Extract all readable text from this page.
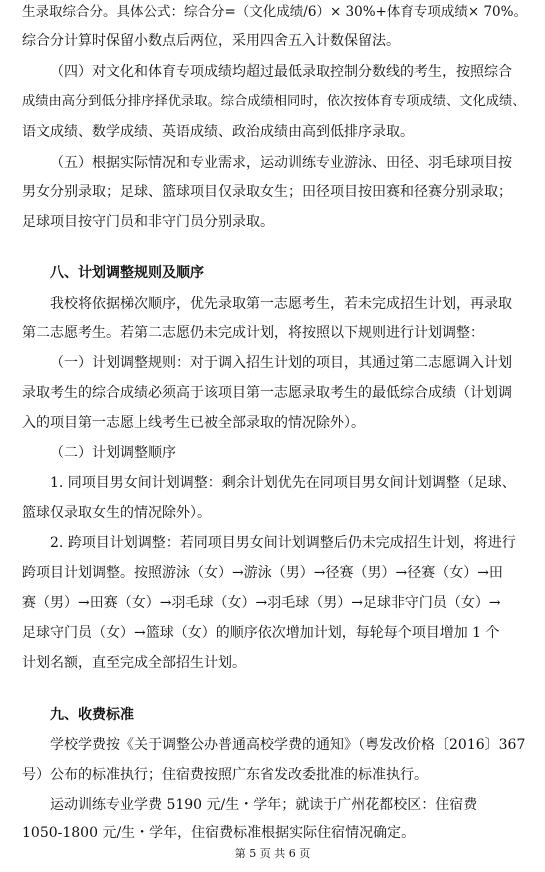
生录取综合分。具体公式：综合分=（文化成绩/6）× 30%+体育专项成绩× 70%。
综合分计算时保留小数点后两位，采用四舍五入计数保留法。
（四）对文化和体育专项成绩均超过最低录取控制分数线的考生，按照综合
成绩由高分到低分排序择优录取。综合成绩相同时，依次按体育专项成绩、文化成绩、
语文成绩、数学成绩、英语成绩、政治成绩由高到低排序录取。
（五）根据实际情况和专业需求，运动训练专业游泳、田径、羽毛球项目按
男女分别录取；足球、篮球项目仅录取女生；田径项目按田赛和径赛分别录取；
足球项目按守门员和非守门员分别录取。
八、计划调整规则及顺序
我校将依据梯次顺序，优先录取第一志愿考生，若未完成招生计划，再录取
第二志愿考生。若第二志愿仍未完成计划，将按照以下规则进行计划调整：
（一）计划调整规则：对于调入招生计划的项目，其通过第二志愿调入计划
录取考生的综合成绩必须高于该项目第一志愿录取考生的最低综合成绩（计划调
入的项目第一志愿上线考生已被全部录取的情况除外）。
（二）计划调整顺序
1. 同项目男女间计划调整：剩余计划优先在同项目男女间计划调整（足球、
篮球仅录取女生的情况除外）。
2. 跨项目计划调整：若同项目男女间计划调整后仍未完成招生计划，将进行
跨项目计划调整。按照游泳（女）→游泳（男）→径赛（男）→径赛（女）→田
赛（男）→田赛（女）→羽毛球（女）→羽毛球（男）→足球非守门员（女）→
足球守门员（女）→篮球（女）的顺序依次增加计划，每轮每个项目增加 1 个
计划名额，直至完成全部招生计划。
九、收费标准
学校学费按《关于调整公办普通高校学费的通知》（粤发改价格〔2016〕367
号）公布的标准执行；住宿费按照广东省发改委批准的标准执行。
运动训练专业学费 5190 元/生・学年；就读于广州花都校区：住宿费
1050-1800 元/生・学年，住宿费标准根据实际住宿情况确定。
第 5 页 共 6 页
